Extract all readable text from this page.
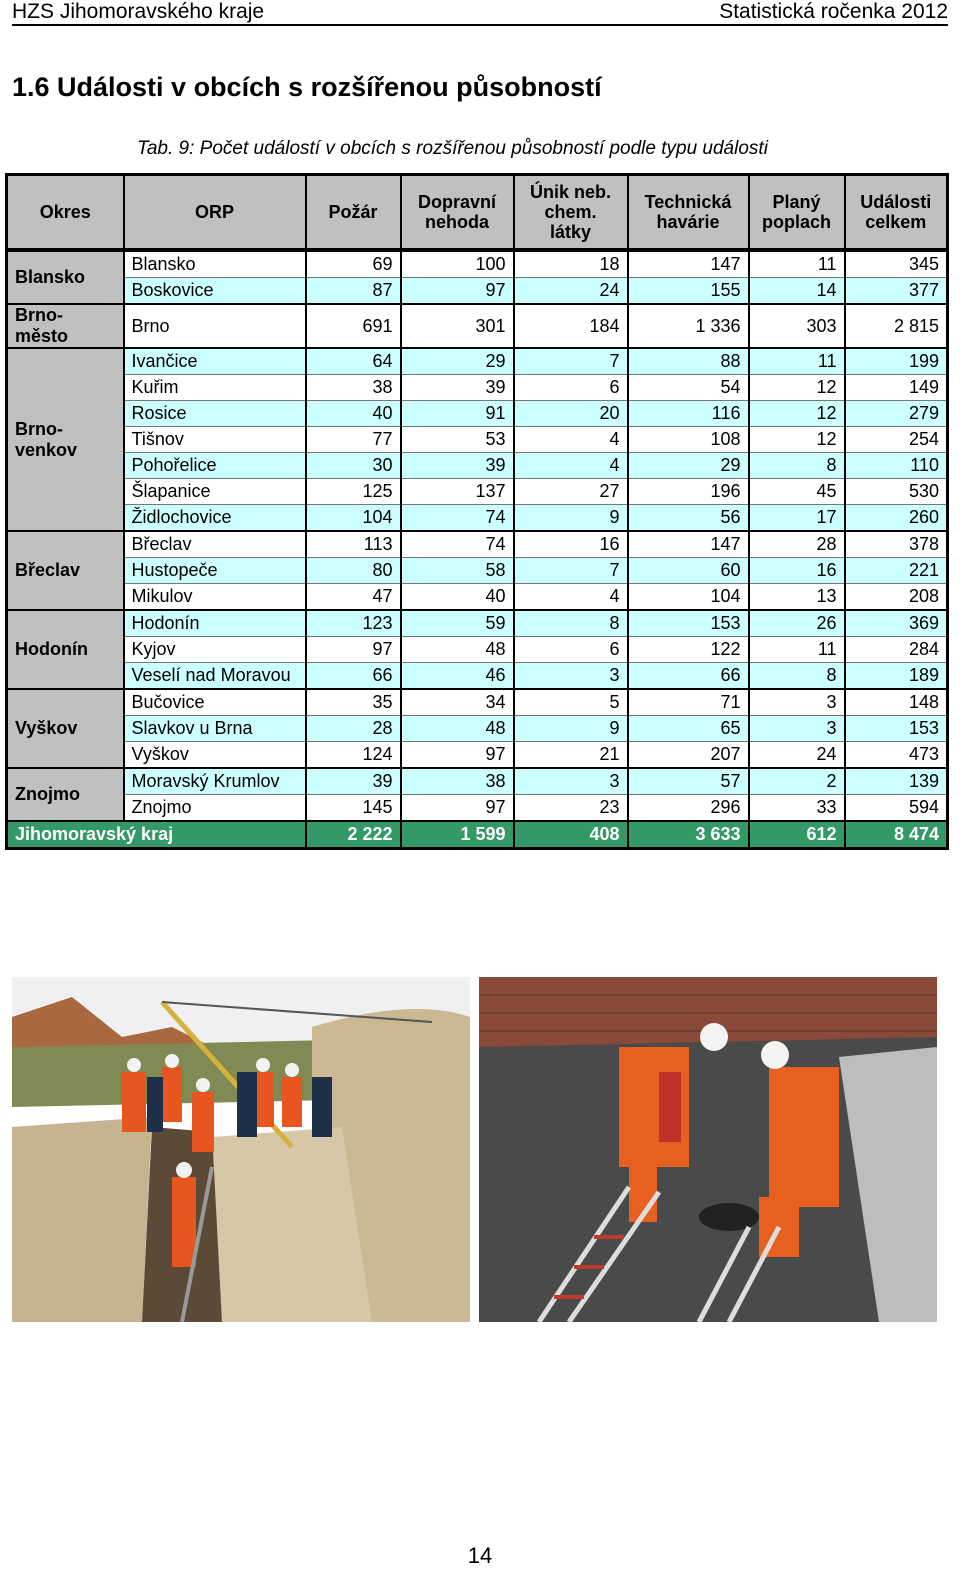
HZS Jihomoravského kraje	Statistická ročenka 2012
1.6 Události v obcích s rozšířenou působností
Tab. 9: Počet událostí v obcích s rozšířenou působností podle typu události
Okres	ORP	Požár	Dopravní nehoda	Únik neb. chem. látky	Technická havárie	Planý poplach	Události celkem
Blansko	Blansko	69	100	18	147	11	345
	Boskovice	87	97	24	155	14	377
Brno-město	Brno	691	301	184	1 336	303	2 815
Brno-venkov	Ivančice	64	29	7	88	11	199
	Kuřim	38	39	6	54	12	149
	Rosice	40	91	20	116	12	279
	Tišnov	77	53	4	108	12	254
	Pohořelice	30	39	4	29	8	110
	Šlapanice	125	137	27	196	45	530
	Židlochovice	104	74	9	56	17	260
Břeclav	Břeclav	113	74	16	147	28	378
	Hustopeče	80	58	7	60	16	221
	Mikulov	47	40	4	104	13	208
Hodonín	Hodonín	123	59	8	153	26	369
	Kyjov	97	48	6	122	11	284
	Veselí nad Moravou	66	46	3	66	8	189
Vyškov	Bučovice	35	34	5	71	3	148
	Slavkov u Brna	28	48	9	65	3	153
	Vyškov	124	97	21	207	24	473
Znojmo	Moravský Krumlov	39	38	3	57	2	139
	Znojmo	145	97	23	296	33	594
Jihomoravský kraj		2 222	1 599	408	3 633	612	8 474
14
